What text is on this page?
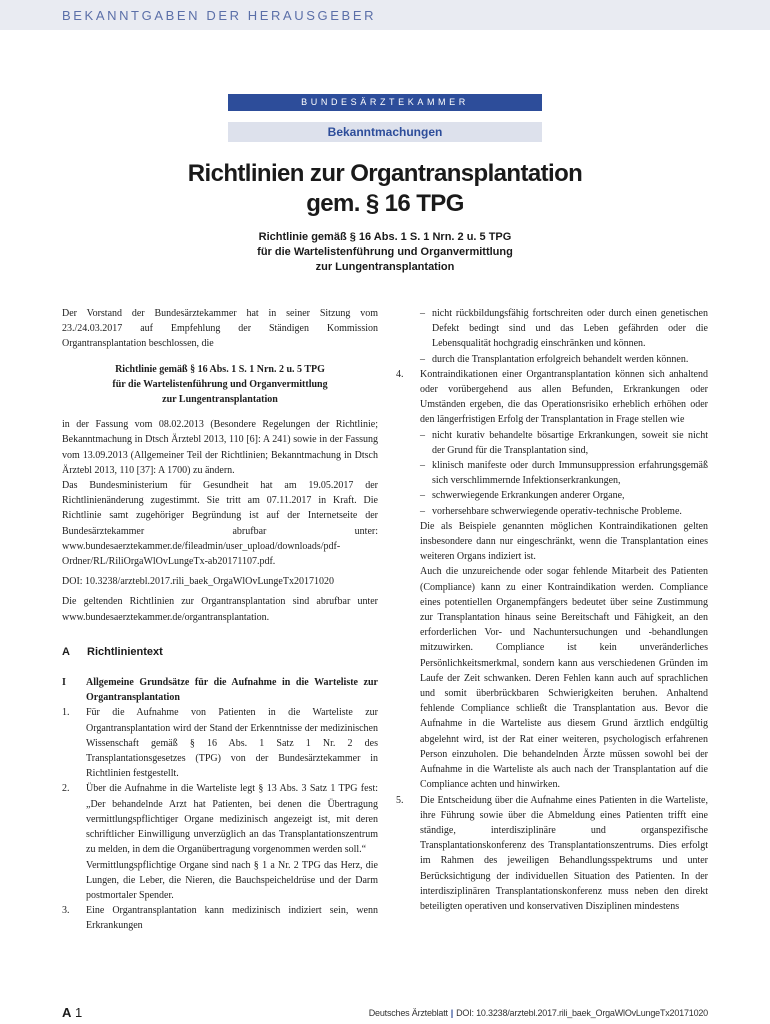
BEKANNTGABEN DER HERAUSGEBER
BUNDESÄRZTEKAMMER
Bekanntmachungen
Richtlinien zur Organtransplantation
gem. § 16 TPG
Richtlinie gemäß § 16 Abs. 1 S. 1 Nrn. 2 u. 5 TPG
für die Wartelistenführung und Organvermittlung
zur Lungentransplantation

Der Vorstand der Bundesärztekammer hat in seiner Sitzung vom 23./24.03.2017 auf Empfehlung der Ständigen Kommission Organtransplantation beschlossen, die

Richtlinie gemäß § 16 Abs. 1 S. 1 Nrn. 2 u. 5 TPG
für die Wartelistenführung und Organvermittlung
zur Lungentransplantation

in der Fassung vom 08.02.2013 (Besondere Regelungen der Richtlinie; Bekanntmachung in Dtsch Ärztebl 2013, 110 [6]: A 241) sowie in der Fassung vom 13.09.2013 (Allgemeiner Teil der Richtlinien; Bekanntmachung in Dtsch Ärztebl 2013, 110 [37]: A 1700) zu ändern.

Das Bundesministerium für Gesundheit hat am 19.05.2017 der Richtlinienänderung zugestimmt. Sie tritt am 07.11.2017 in Kraft. Die Richtlinie samt zugehöriger Begründung ist auf der Internetseite der Bundesärztekammer abrufbar unter: www.bundesaerztekammer.de/fileadmin/user_upload/downloads/pdf-Ordner/RL/RiliOrgaWlOvLungeTx-ab20171107.pdf.

DOI: 10.3238/arztebl.2017.rili_baek_OrgaWlOvLungeTx20171020

Die geltenden Richtlinien zur Organtransplantation sind abrufbar unter www.bundesaerztekammer.de/organtransplantation.

A	Richtlinientext
I	Allgemeine Grundsätze für die Aufnahme in die Warteliste zur Organtransplantation
1.	Für die Aufnahme von Patienten in die Warteliste zur Organtransplantation wird der Stand der Erkenntnisse der medizinischen Wissenschaft gemäß § 16 Abs. 1 Satz 1 Nr. 2 des Transplantationsgesetzes (TPG) von der Bundesärztekammer in Richtlinien festgestellt.
2.	Über die Aufnahme in die Warteliste legt § 13 Abs. 3 Satz 1 TPG fest: „Der behandelnde Arzt hat Patienten, bei denen die Übertragung vermittlungspflichtiger Organe medizinisch angezeigt ist, mit deren schriftlicher Einwilligung unverzüglich an das Transplantationszentrum zu melden, in dem die Organübertragung vorgenommen werden soll.“

Vermittlungspflichtige Organe sind nach § 1 a Nr. 2 TPG das Herz, die Lungen, die Leber, die Nieren, die Bauchspeicheldrüse und der Darm postmortaler Spender.

3.	Eine Organtransplantation kann medizinisch indiziert sein, wenn Erkrankungen
– nicht rückbildungsfähig fortschreiten oder durch einen genetischen Defekt bedingt sind und das Leben gefährden oder die Lebensqualität hochgradig einschränken und können.
– durch die Transplantation erfolgreich behandelt werden können.
4.	Kontraindikationen einer Organtransplantation können sich anhaltend oder vorübergehend aus allen Befunden, Erkrankungen oder Umständen ergeben, die das Operationsrisiko erheblich erhöhen oder den längerfristigen Erfolg der Transplantation in Frage stellen wie
– nicht kurativ behandelte bösartige Erkrankungen, soweit sie nicht der Grund für die Transplantation sind,
– klinisch manifeste oder durch Immunsuppression erfahrungsgemäß sich verschlimmernde Infektionserkrankungen,
– schwerwiegende Erkrankungen anderer Organe,
– vorhersehbare schwerwiegende operativ-technische Probleme.

Die als Beispiele genannten möglichen Kontraindikationen gelten insbesondere dann nur eingeschränkt, wenn die Transplantation eines weiteren Organs indiziert ist.

Auch die unzureichende oder sogar fehlende Mitarbeit des Patienten (Compliance) kann zu einer Kontraindikation werden. Compliance eines potentiellen Organempfängers bedeutet über seine Zustimmung zur Transplantation hinaus seine Bereitschaft und Fähigkeit, an den erforderlichen Vor- und Nachuntersuchungen und -behandlungen mitzuwirken. Compliance ist kein unveränderliches Persönlichkeitsmerkmal, sondern kann aus verschiedenen Gründen im Laufe der Zeit schwanken. Deren Fehlen kann auch auf sprachlichen und somit überbrückbaren Schwierigkeiten beruhen. Anhaltend fehlende Compliance schließt die Transplantation aus. Bevor die Aufnahme in die Warteliste aus diesem Grund ärztlich endgültig abgelehnt wird, ist der Rat einer weiteren, psychologisch erfahrenen Person einzuholen. Die behandelnden Ärzte müssen sowohl bei der Aufnahme in die Warteliste als auch nach der Transplantation auf die Compliance achten und hinwirken.

5.	Die Entscheidung über die Aufnahme eines Patienten in die Warteliste, ihre Führung sowie über die Abmeldung eines Patienten trifft eine ständige, interdisziplinäre und organspezifische Transplantationskonferenz des Transplantationszentrums. Dies erfolgt im Rahmen des jeweiligen Behandlungsspektrums und unter Berücksichtigung der individuellen Situation des Patienten. In der interdisziplinären Transplantationskonferenz muss neben den direkt beteiligten operativen und konservativen Disziplinen mindestens
A 1	Deutsches Ärzteblatt | DOI: 10.3238/arztebl.2017.rili_baek_OrgaWlOvLungeTx20171020
